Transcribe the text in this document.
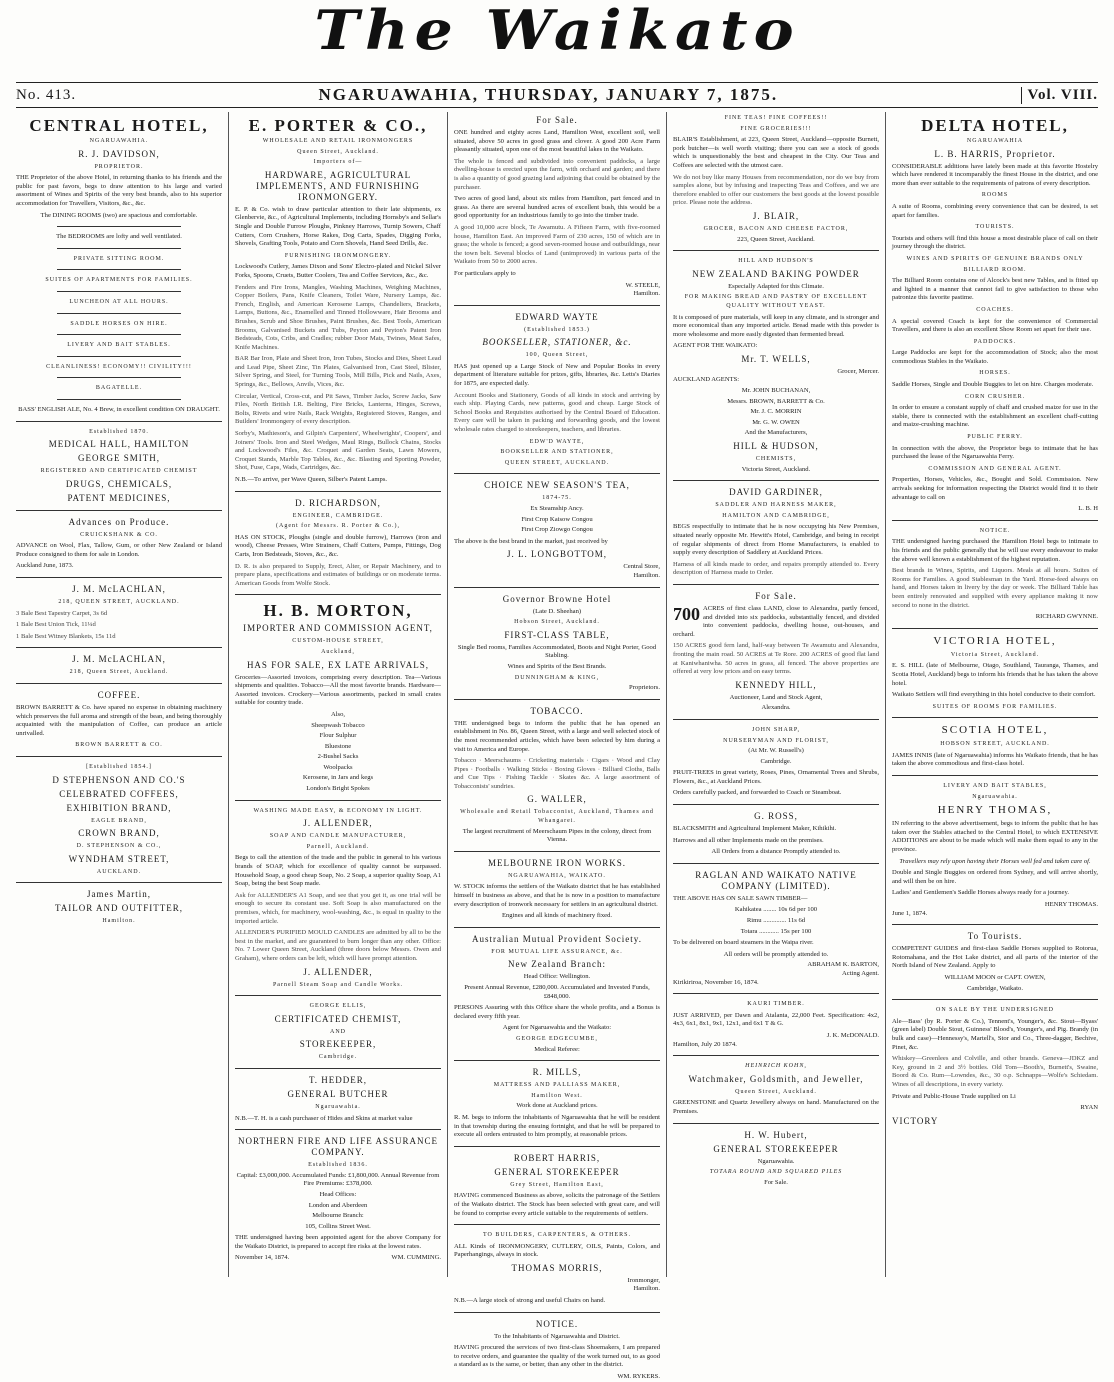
The Waikato
No. 413.	NGARUAWAHIA, THURSDAY, JANUARY 7, 1875.	Vol. VIII.
CENTRAL HOTEL,
NGARUAWAHIA.
R. J. DAVIDSON,
PROPRIETOR.

THE Proprietor of the above Hotel, in returning thanks to his friends and the public for past favors, begs to draw attention to his large and varied assortment of Wines and Spirits of the very best brands, also to his superior accommodation for Travellers, Visitors, &c., &c.

The DINING ROOMS (two) are spacious and comfortable.

The BEDROOMS are lofty and well ventilated.

PRIVATE SITTING ROOM.
SUITES OF APARTMENTS FOR FAMILIES.
LUNCHEON AT ALL HOURS.
SADDLE HORSES ON HIRE.
LIVERY AND BAIT STABLES.
CLEANLINESS! ECONOMY!! CIVILITY!!!
BAGATELLE.

BASS' ENGLISH ALE, No. 4 Brew, in excellent condition ON DRAUGHT.

Established 1870.
MEDICAL HALL, HAMILTON
GEORGE SMITH,
REGISTERED AND CERTIFICATED CHEMIST
DRUGS, CHEMICALS,
PATENT MEDICINES,
Advances on Produce.
CRUICKSHANK & CO.

ADVANCE on Wool, Flax, Tallow, Gum, or other New Zealand or Island Produce consigned to them for sale in London.

Auckland June, 1873.

J. M. McLACHLAN,
218, QUEEN STREET, AUCKLAND.

3 Bale Best Tapestry Carpet, 3s 6d

1 Bale Best Union Tick, 11¼d

1 Bale Best Witney Blankets, 15s 11d

J. M. McLACHLAN,
218, Queen Street, Auckland.
COFFEE.

BROWN BARRETT & Co. have spared no expense in obtaining machinery which preserves the full aroma and strength of the bean, and being thoroughly acquainted with the manipulation of Coffee, can produce an article unrivalled.

BROWN BARRETT & CO.
[Established 1854.]
D STEPHENSON AND CO.'S
CELEBRATED COFFEES,
EXHIBITION BRAND,
EAGLE BRAND,
CROWN BRAND,
D. STEPHENSON & CO.,
WYNDHAM STREET,
AUCKLAND.
James Martin,
TAILOR AND OUTFITTER,
Hamilton.
E. PORTER & CO.,
WHOLESALE AND RETAIL IRONMONGERS
Queen Street, Auckland.
Importers of—
HARDWARE, AGRICULTURAL IMPLEMENTS, AND FURNISHING IRONMONGERY.

E. P. & Co. wish to draw particular attention to their late shipments, ex Glenbervie, &c., of Agricultural Implements, including Hornsby's and Sellar's Single and Double Furrow Ploughs, Pinkney Harrows, Turnip Sowers, Chaff Cutters, Corn Crushers, Horse Rakes, Dog Carts, Spades, Digging Forks, Shovels, Grafting Tools, Potato and Corn Shovels, Hand Seed Drills, &c.

FURNISHING IRONMONGERY.

Lockwood's Cutlery, James Dixon and Sons' Electro-plated and Nickel Silver Forks, Spoons, Cruets, Butter Coolers, Tea and Coffee Services, &c., &c.

Fenders and Fire Irons, Mangles, Washing Machines, Weighing Machines, Copper Boilers, Pans, Knife Cleaners, Toilet Ware, Nursery Lamps, &c. French, English, and American Kerosene Lamps, Chandeliers, Brackets, Lamps, Buttons, &c., Enamelled and Tinned Hollowware, Hair Brooms and Brushes, Scrub and Shoe Brushes, Paint Brushes, &c. Best Tools, American Brooms, Galvanised Buckets and Tubs, Peyton and Peyton's Patent Iron Bedsteads, Cots, Cribs, and Cradles; rubber Door Mats, Twines, Meat Safes, Knife Machines.

BAR Bar Iron, Plate and Sheet Iron, Iron Tubes, Stocks and Dies, Sheet Lead and Lead Pipe, Sheet Zinc, Tin Plates, Galvanised Iron, Cast Steel, Blister, Silver Spring, and Steel, for Turning Tools, Mill Bills, Pick and Nails, Axes, Springs, &c., Bellows, Anvils, Vices, &c.

Circular, Vertical, Cross-cut, and Pit Saws, Timber Jacks, Screw Jacks, Saw Files, North British I.R. Belting, Fire Bricks, Lanterns, Hinges, Screws, Bolts, Rivets and wire Nails, Rack Weights, Registered Stoves, Ranges, and Builders' Ironmongery of every description.

Sorby's, Mathieson's, and Gilpin's Carpenters', Wheelwrights', Coopers', and Joiners' Tools. Iron and Steel Wedges, Maul Rings, Bullock Chains, Stocks and Lockwood's Files, &c. Croquet and Garden Seats, Lawn Mowers, Croquet Stands, Marble Top Tables, &c., &c. Blasting and Sporting Powder, Shot, Fuse, Caps, Wads, Cartridges, &c.

N.B.—To arrive, per Wave Queen, Silber's Patent Lamps.

D. RICHARDSON,
ENGINEER, CAMBRIDGE.
(Agent for Messrs. R. Porter & Co.),

HAS ON STOCK, Ploughs (single and double furrow), Harrows (iron and wood), Cheese Presses, Wire Strainers, Chaff Cutters, Pumps, Fittings, Dog Carts, Iron Bedsteads, Stoves, &c., &c.

D. R. is also prepared to Supply, Erect, Alter, or Repair Machinery, and to prepare plans, specifications and estimates of buildings or on moderate terms. American Goods from Wolfe Stock.

H. B. MORTON,
IMPORTER AND COMMISSION AGENT,
CUSTOM-HOUSE STREET,
Auckland,
HAS FOR SALE, EX LATE ARRIVALS,

Groceries—Assorted invoices, comprising every description. Tea—Various shipments and qualities. Tobacco—All the most favorite brands. Hardware—Assorted invoices. Crockery—Various assortments, packed in small crates suitable for country trade.

Also,
Sheepwash Tobacco
Flour Sulphur
Bluestone
2-Bushel Sacks
Woolpacks
Kerosene, in Jars and kegs
London's Bright Spokes
WASHING MADE EASY, & ECONOMY IN LIGHT.
J. ALLENDER,
SOAP AND CANDLE MANUFACTURER,
Parnell, Auckland.

Begs to call the attention of the trade and the public in general to his various brands of SOAP, which for excellence of quality cannot be surpassed. Household Soap, a good cheap Soap, No. 2 Soap, a superior quality Soap, A1 Soap, being the best Soap made.

Ask for ALLENDER'S A1 Soap, and see that you get it, as one trial will be enough to secure its constant use. Soft Soap is also manufactured on the premises, which, for machinery, wool-washing, &c., is equal in quality to the imported article.

ALLENDER'S PURIFIED MOULD CANDLES are admitted by all to be the best in the market, and are guaranteed to burn longer than any other. Office: No. 7 Lower Queen Street, Auckland (three doors below Messrs. Owen and Graham), where orders can be left, which will have prompt attention.

J. ALLENDER,
Parnell Steam Soap and Candle Works.
GEORGE ELLIS,
CERTIFICATED CHEMIST,
AND
STOREKEEPER,
Cambridge.
T. HEDDER,
GENERAL BUTCHER
Ngaruawahia.

N.B.—T. H. is a cash purchaser of Hides and Skins at market value

NORTHERN FIRE AND LIFE ASSURANCE COMPANY.
Established 1836.

Capital: £3,000,000. Accumulated Funds: £1,800,000. Annual Revenue from Fire Premiums: £378,000.

Head Offices:
London and Aberdeen
Melbourne Branch:
105, Collins Street West.

THE undersigned having been appointed agent for the above Company for the Waikato District, is prepared to accept fire risks at the lowest rates.

November 14, 1874.	WM. CUMMING.
For Sale.

ONE hundred and eighty acres Land, Hamilton West, excellent soil, well situated, above 50 acres in good grass and clover. A good 200 Acre Farm pleasantly situated, upon one of the most beautiful lakes in the Waikato.

The whole is fenced and subdivided into convenient paddocks, a large dwelling-house is erected upon the farm, with orchard and garden; and there is also a quantity of good grazing land adjoining that could be obtained by the purchaser.

Two acres of good land, about six miles from Hamilton, part fenced and in grass. As there are several hundred acres of excellent bush, this would be a good opportunity for an industrious family to go into the timber trade.

A good 10,000 acre block, Te Awamutu. A Fifteen Farm, with five-roomed house, Hamilton East. An improved Farm of 230 acres, 150 of which are in grass; the whole is fenced; a good seven-roomed house and outbuildings, near the town belt. Several blocks of Land (unimproved) in various parts of the Waikato from 50 to 2000 acres.

For particulars apply to

W. STEELE,
Hamilton.
EDWARD WAYTE
(Established 1853.)
BOOKSELLER, STATIONER, &c.
100, Queen Street,

HAS just opened up a Large Stock of New and Popular Books in every department of literature suitable for prizes, gifts, libraries, &c. Letts's Diaries for 1875, are expected daily.

Account Books and Stationery, Goods of all kinds in stock and arriving by each ship. Playing Cards, new patterns, good and cheap. Large Stock of School Books and Requisites authorised by the Central Board of Education. Every care will be taken in packing and forwarding goods, and the lowest wholesale rates charged to storekeepers, teachers, and libraries.

EDW'D WAYTE,
BOOKSELLER AND STATIONER,
QUEEN STREET, AUCKLAND.
CHOICE NEW SEASON'S TEA,
1874-75.
Ex Steamship Ancy.
First Crop Kaisow Congou
First Crop Ziowgo Congou

The above is the best brand in the market, just received by

J. L. LONGBOTTOM,
Central Store,
Hamilton.
Governor Browne Hotel
(Late D. Sheehan)
Hobson Street, Auckland.
FIRST-CLASS TABLE,

Single Bed rooms, Families Accommodated, Boots and Night Porter, Good Stabling.

Wines and Spirits of the Best Brands.
DUNNINGHAM & KING,
Proprietors.
TOBACCO.

THE undersigned begs to inform the public that he has opened an establishment in No. 86, Queen Street, with a large and well selected stock of the most recommended articles, which have been selected by him during a visit to America and Europe.

Tobacco · Meerschaums · Cricketing materials · Cigars · Wood and Clay Pipes · Footballs · Walking Sticks · Boxing Gloves · Billiard Cloths, Balls and Cue Tips · Fishing Tackle · Skates &c. A large assortment of Tobacconists' sundries.

G. WALLER,
Wholesale and Retail Tobacconist, Auckland, Thames and Whangarei.

The largest recruitment of Meerschaum Pipes in the colony, direct from Vienna.

MELBOURNE IRON WORKS.
NGARUAWAHIA, WAIKATO.

W. STOCK informs the settlers of the Waikato district that he has established himself in business as above, and that he is now in a position to manufacture every description of ironwork necessary for settlers in an agricultural district.

Engines and all kinds of machinery fixed.
Australian Mutual Provident Society.
FOR MUTUAL LIFE ASSURANCE, &c.
New Zealand Branch:
Head Office: Wellington.

Present Annual Revenue, £280,000. Accumulated and Invested Funds, £848,000.

PERSONS Assuring with this Office share the whole profits, and a Bonus is declared every fifth year.

Agent for Ngaruawahia and the Waikato:
GEORGE EDGECUMBE,
Medical Referee:
R. MILLS,
MATTRESS AND PALLIASS MAKER,
Hamilton West.
Work done at Auckland prices.

R. M. begs to inform the inhabitants of Ngaruawahia that he will be resident in that township during the ensuing fortnight, and that he will be prepared to execute all orders entrusted to him promptly, at reasonable prices.

ROBERT HARRIS,
GENERAL STOREKEEPER
Grey Street, Hamilton East,

HAVING commenced Business as above, solicits the patronage of the Settlers of the Waikato district. The Stock has been selected with great care, and will be found to comprise every article suitable to the requirements of settlers.

TO BUILDERS, CARPENTERS, & OTHERS.

ALL Kinds of IRONMONGERY, CUTLERY, OILS, Paints, Colors, and Paperhangings, always in stock.

THOMAS MORRIS,
Ironmonger,
Hamilton.

N.B.—A large stock of strong and useful Chairs on hand.

NOTICE.
To the Inhabitants of Ngaruawahia and District.

HAVING procured the services of two first-class Shoemakers, I am prepared to receive orders, and guarantee the quality of the work turned out, to as good a standard as is the same, or better, than any other in the district.

WM. RYKERS.
FINE TEAS! FINE COFFEES!!
FINE GROCERIES!!!

BLAIR'S Establishment, at 223, Queen Street, Auckland—opposite Burnett, pork butcher—is well worth visiting; there you can see a stock of goods which is unquestionably the best and cheapest in the City. Our Teas and Coffees are selected with the utmost care.

We do not buy like many Houses from recommendation, nor do we buy from samples alone, but by infusing and inspecting Teas and Coffees, and we are therefore enabled to offer our customers the best goods at the lowest possible price. Please note the address.

J. BLAIR,
GROCER, BACON AND CHEESE FACTOR,
223, Queen Street, Auckland.
HILL AND HUDSON'S
NEW ZEALAND BAKING POWDER
Especially Adapted for this Climate.
FOR MAKING BREAD AND PASTRY OF EXCELLENT QUALITY WITHOUT YEAST.

It is composed of pure materials, will keep in any climate, and is stronger and more economical than any imported article. Bread made with this powder is more wholesome and more easily digested than fermented bread.

AGENT FOR THE WAIKATO:
Mr. T. WELLS,
Grocer, Mercer.
AUCKLAND AGENTS:
Mr. JOHN BUCHANAN,
Messrs. BROWN, BARRETT & Co.
Mr. J. C. MORRIN
Mr. G. W. OWEN
And the Manufacturers,
HILL & HUDSON,
CHEMISTS,
Victoria Street, Auckland.
DAVID GARDINER,
SADDLER AND HARNESS MAKER,
HAMILTON AND CAMBRIDGE,

BEGS respectfully to intimate that he is now occupying his New Premises, situated nearly opposite Mr. Hewitt's Hotel, Cambridge, and being in receipt of regular shipments of direct from Home Manufacturers, is enabled to supply every description of Saddlery at Auckland Prices.

Harness of all kinds made to order, and repairs promptly attended to. Every description of Harness made to Order.

For Sale.

700 ACRES of first class LAND, close to Alexandra, partly fenced, and divided into six paddocks, substantially fenced, and divided into convenient paddocks, dwelling house, out-houses, and orchard.

150 ACRES good fern land, half-way between Te Awamutu and Alexandra, fronting the main road. 50 ACRES at Te Rore. 200 ACRES of good flat land at Kaniwhaniwha. 50 acres in grass, all fenced. The above properties are offered at very low prices and on easy terms.

KENNEDY HILL,
Auctioneer, Land and Stock Agent,
Alexandra.
JOHN SHARP,
NURSERYMAN AND FLORIST,
(At Mr. W. Russell's)
Cambridge.

FRUIT-TREES in great variety, Roses, Pines, Ornamental Trees and Shrubs, Flowers, &c., at Auckland Prices.

Orders carefully packed, and forwarded to Coach or Steamboat.

G. ROSS,

BLACKSMITH and Agricultural Implement Maker, Kihikihi.

Harrows and all other Implements made on the premises.

All Orders from a distance Promptly attended to.
RAGLAN AND WAIKATO NATIVE COMPANY (LIMITED).

THE ABOVE HAS ON SALE SAWN TIMBER—

Kahikatea ........ 10s 6d per 100
Rimu .............. 11s 6d
Totara ............ 15s per 100

To be delivered on board steamers in the Waipa river.

All orders will be promptly attended to.
ABRAHAM K. BARTON,
Acting Agent.
Kirikiriroa, November 16, 1874.
KAURI TIMBER.

JUST ARRIVED, per Dawn and Atalanta, 22,000 Feet. Specification: 4x2, 4x3, 6x1, 8x1, 9x1, 12x1, and 6x1 T & G.

J. K. McDONALD.
Hamilton, July 20 1874.
HEINRICH KOHN,
Watchmaker, Goldsmith, and Jeweller,
Queen Street, Auckland.

GREENSTONE and Quartz Jewellery always on hand. Manufactured on the Premises.

H. W. Hubert,
GENERAL STOREKEEPER
Ngaruawahia.
TOTARA ROUND AND SQUARED PILES
For Sale.
DELTA HOTEL,
NGARUAWAHIA
L. B. HARRIS, Proprietor.

CONSIDERABLE additions have lately been made at this favorite Hostelry which have rendered it incomparably the finest House in the district, and one more than ever suitable to the requirements of patrons of every description.

ROOMS

A suite of Rooms, combining every convenience that can be desired, is set apart for families.

TOURISTS.

Tourists and others will find this house a most desirable place of call on their journey through the district.

WINES AND SPIRITS OF GENUINE BRANDS ONLY
BILLIARD ROOM.

The Billiard Room contains one of Alcock's best new Tables, and is fitted up and lighted in a manner that cannot fail to give satisfaction to those who patronize this favorite pastime.

COACHES.

A special covered Coach is kept for the convenience of Commercial Travellers, and there is also an excellent Show Room set apart for their use.

PADDOCKS.

Large Paddocks are kept for the accommodation of Stock; also the most commodious Stables in the Waikato.

HORSES.

Saddle Horses, Single and Double Buggies to let on hire. Charges moderate.

CORN CRUSHER.

In order to ensure a constant supply of chaff and crushed maize for use in the stable, there is connected with the establishment an excellent chaff-cutting and maize-crushing machine.

PUBLIC FERRY.

In connection with the above, the Proprietor begs to intimate that he has purchased the lease of the Ngaruawahia Ferry.

COMMISSION AND GENERAL AGENT.

Properties, Horses, Vehicles, &c., Bought and Sold. Commission. New arrivals seeking for information respecting the District would find it to their advantage to call on

L. B. H
NOTICE.

THE undersigned having purchased the Hamilton Hotel begs to intimate to his friends and the public generally that he will use every endeavour to make the above well known a establishment of the highest reputation.

Best brands in Wines, Spirits, and Liquors. Meals at all hours. Suites of Rooms for Families. A good Stablesman in the Yard. Horse-feed always on hand, and Horses taken in livery by the day or week. The Billiard Table has been entirely renovated and supplied with every appliance making it now second to none in the district.

RICHARD GWYNNE.
VICTORIA HOTEL,
Victoria Street, Auckland.

E. S. HILL (late of Melbourne, Otago, Southland, Tauranga, Thames, and Scotia Hotel, Auckland) begs to inform his friends that he has taken the above hotel.

Waikato Settlers will find everything in this hotel conducive to their comfort.

SUITES OF ROOMS FOR FAMILIES.
SCOTIA HOTEL,
HOBSON STREET, AUCKLAND.

JAMES INNIS (late of Ngaruawahia) informs his Waikato friends, that he has taken the above commodious and first-class hotel.

LIVERY AND BAIT STABLES,
Ngaruawahia.
HENRY THOMAS,

IN referring to the above advertisement, begs to inform the public that he has taken over the Stables attached to the Central Hotel, to which EXTENSIVE ADDITIONS are about to be made which will make them equal to any in the province.

Travellers may rely upon having their Horses well fed and taken care of.

Double and Single Buggies on ordered from Sydney, and will arrive shortly, and will then be on hire.

Ladies' and Gentlemen's Saddle Horses always ready for a journey.

HENRY THOMAS.
June 1, 1874.
To Tourists.

COMPETENT GUIDES and first-class Saddle Horses supplied to Rotorua, Rotomahana, and the Hot Lake district, and all parts of the interior of the North Island of New Zealand. Apply to

WILLIAM MOON or CAPT. OWEN,
Cambridge, Waikato.
ON SALE BY THE UNDERSIGNED

Ale—Bass' (by R. Porter & Co.), Tennent's, Younger's, &c. Stout—Byass' (green label) Double Stout, Guinness' Blood's, Younger's, and Pig. Brandy (in bulk and case)—Hennessy's, Martell's, Stor and Co., Three-dagger, Bechive, Pinet, &c.

Whiskey—Greenlees and Colville, and other brands. Geneva—JDKZ and Key, ground in 2 and 3½ bottles. Old Tom—Booth's, Burnett's, Swaine, Boord & Co. Rum—Lowndes, &c., 30 o.p. Schnapps—Wolfe's Schiedam. Wines of all descriptions, in every variety.

Private and Public-House Trade supplied on Li

RYAN
VICTORY
